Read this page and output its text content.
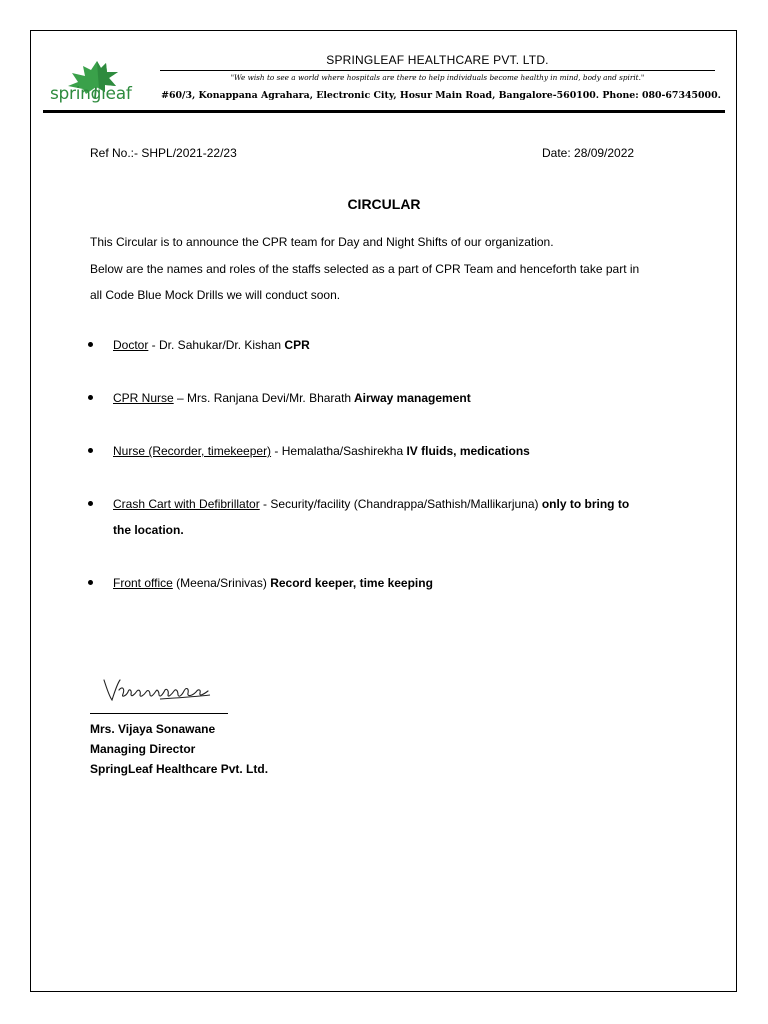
springleaf
SPRINGLEAF HEALTHCARE PVT. LTD.
"We wish to see a world where hospitals are there to help individuals become healthy in mind, body and spirit."
#60/3, Konappana Agrahara, Electronic City, Hosur Main Road, Bangalore-560100. Phone: 080-67345000.
Ref No.:- SHPL/2021-22/23	Date: 28/09/2022
CIRCULAR
This Circular is to announce the CPR team for Day and Night Shifts of our organization.
Below are the names and roles of the staffs selected as a part of CPR Team and henceforth take part in
all Code Blue Mock Drills we will conduct soon.
Doctor - Dr. Sahukar/Dr. Kishan CPR
CPR Nurse – Mrs. Ranjana Devi/Mr. Bharath Airway management
Nurse (Recorder, timekeeper) - Hemalatha/Sashirekha IV fluids, medications
Crash Cart with Defibrillator - Security/facility (Chandrappa/Sathish/Mallikarjuna) only to bring to
the location.
Front office (Meena/Srinivas) Record keeper, time keeping
Mrs. Vijaya Sonawane
Managing Director
SpringLeaf Healthcare Pvt. Ltd.
